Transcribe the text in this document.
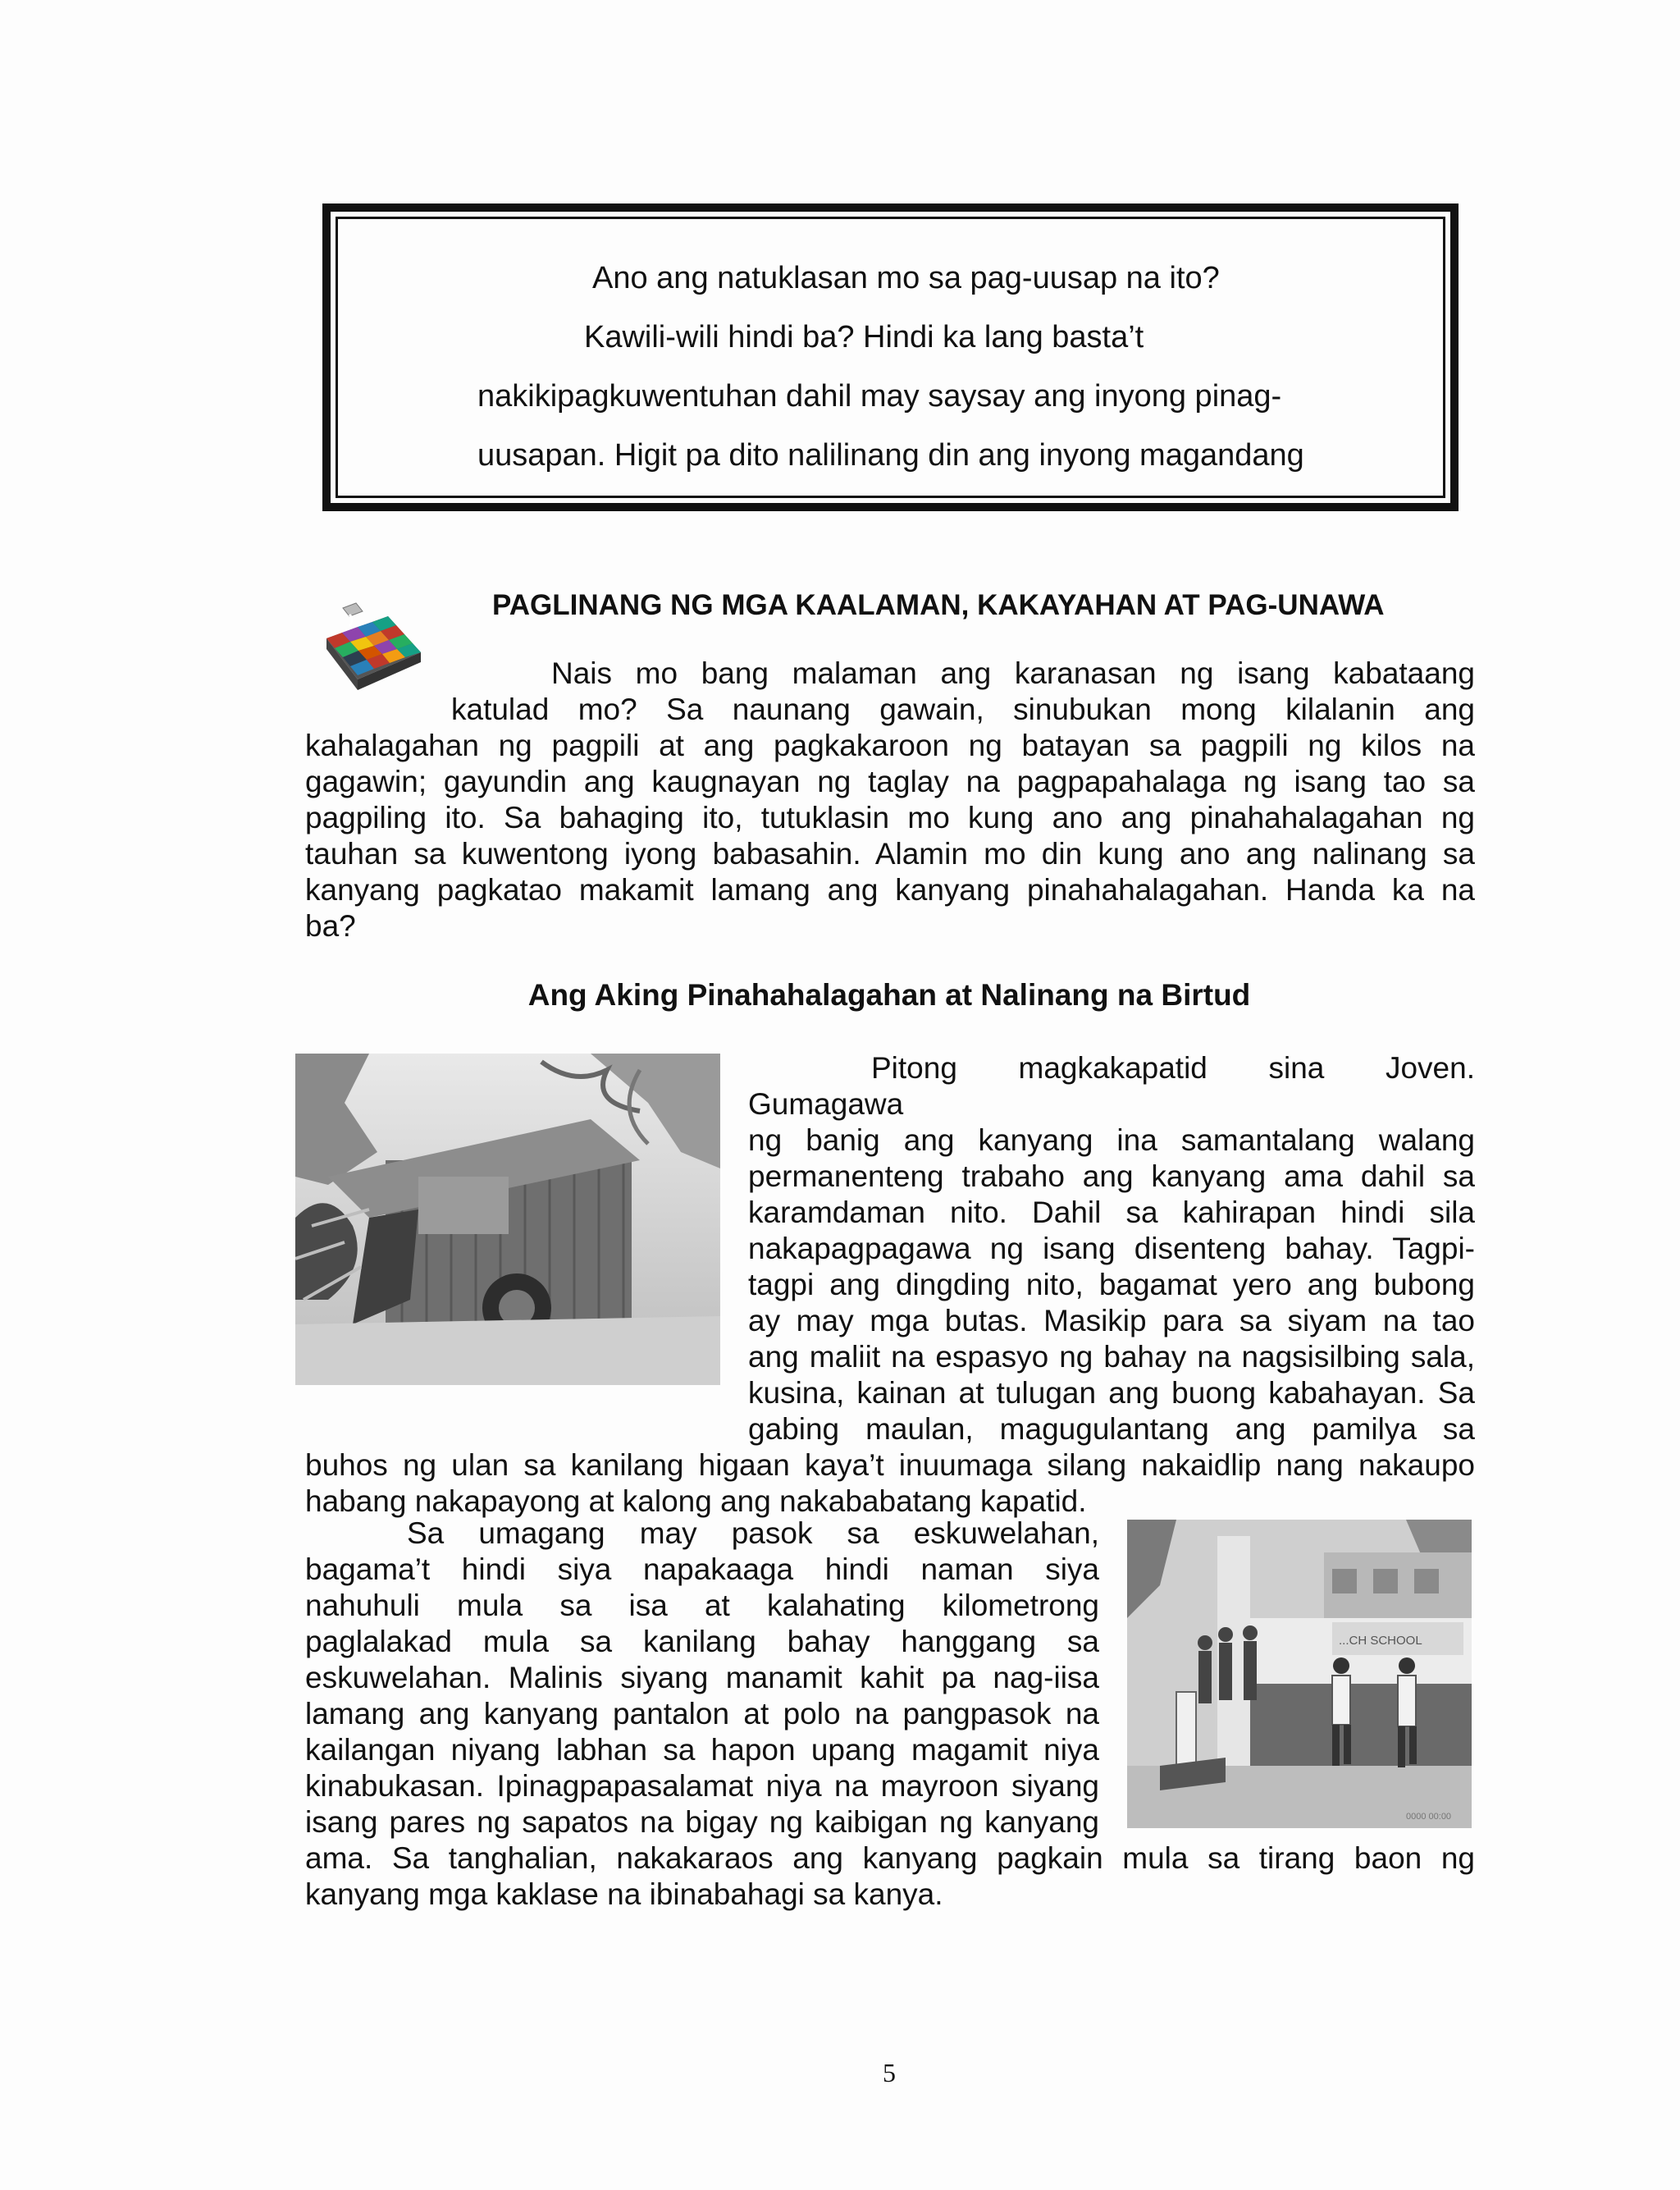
Ano ang natuklasan mo sa pag-uusap na ito?
Kawili-wili hindi ba? Hindi ka lang basta’t
nakikipagkuwentuhan dahil may saysay ang inyong pinag-
uusapan. Higit pa dito nalilinang din ang inyong magandang
PAGLINANG NG MGA KAALAMAN, KAKAYAHAN AT PAG-UNAWA
Nais mo bang malaman ang karanasan ng isang kabataang
katulad mo? Sa naunang gawain, sinubukan mong kilalanin ang
kahalagahan ng pagpili at ang pagkakaroon ng batayan sa pagpili ng kilos na
gagawin; gayundin ang kaugnayan ng taglay na pagpapahalaga ng isang tao sa
pagpiling ito. Sa bahaging ito, tutuklasin mo kung ano ang pinahahalagahan ng
tauhan sa kuwentong iyong babasahin. Alamin mo din kung ano ang nalinang sa
kanyang pagkatao makamit lamang ang kanyang pinahahalagahan. Handa ka na
ba?
Ang Aking Pinahahalagahan at Nalinang na Birtud
Pitong magkakapatid sina Joven. Gumagawa
ng banig ang kanyang ina samantalang walang
permanenteng trabaho ang kanyang ama dahil sa
karamdaman nito. Dahil sa kahirapan hindi sila
nakapagpagawa ng isang disenteng bahay. Tagpi-
tagpi ang dingding nito, bagamat yero ang bubong
ay may mga butas. Masikip para sa siyam na tao
ang maliit na espasyo ng bahay na nagsisilbing sala,
kusina, kainan at tulugan ang buong kabahayan. Sa
gabing maulan, magugulantang ang pamilya sa
buhos ng ulan sa kanilang higaan kaya’t inuumaga silang nakaidlip nang nakaupo
habang nakapayong at kalong ang nakababatang kapatid.
...CH SCHOOL
0000 00:00
Sa umagang may pasok sa eskuwelahan,
bagama’t hindi siya napakaaga hindi naman siya
nahuhuli mula sa isa at kalahating kilometrong
paglalakad mula sa kanilang bahay hanggang sa
eskuwelahan. Malinis siyang manamit kahit pa nag-iisa
lamang ang kanyang pantalon at polo na pangpasok na
kailangan niyang labhan sa hapon upang magamit niya
kinabukasan. Ipinagpapasalamat niya na mayroon siyang
isang pares ng sapatos na bigay ng kaibigan ng kanyang
ama. Sa tanghalian, nakakaraos ang kanyang pagkain mula sa tirang baon ng
kanyang mga kaklase na ibinabahagi sa kanya.
5
